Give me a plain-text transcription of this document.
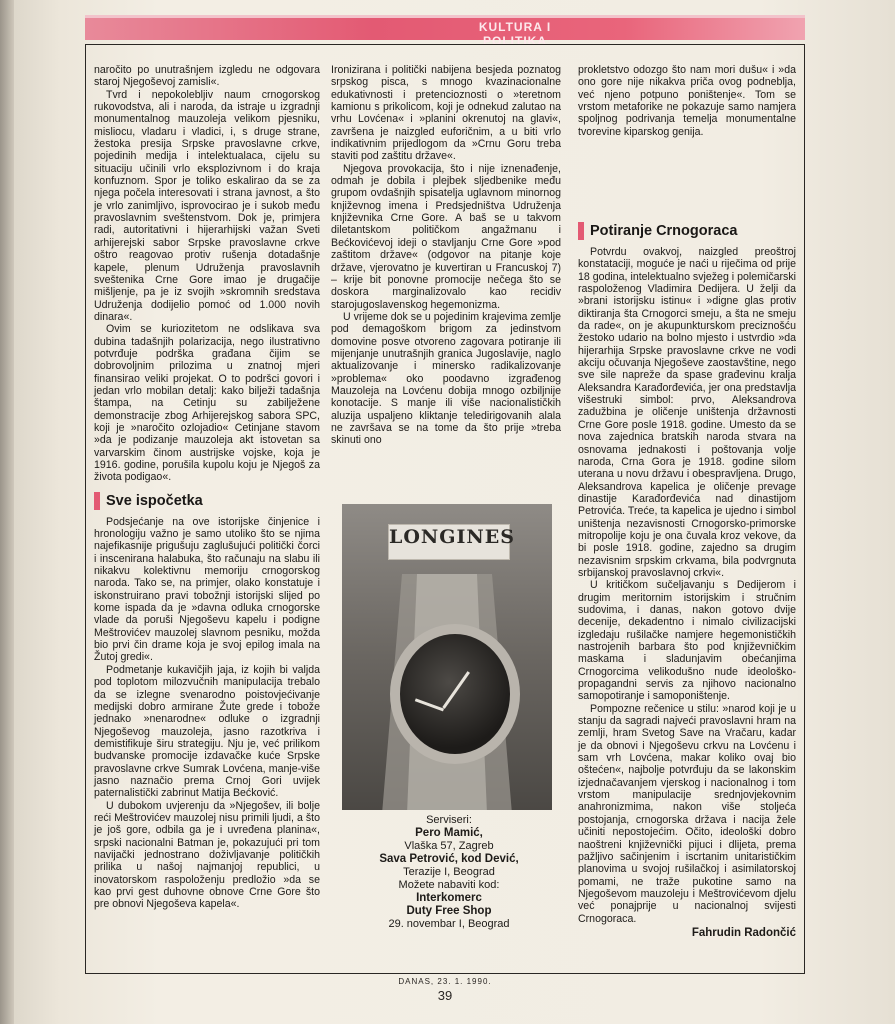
KULTURA I POLITIKA

naročito po unutrašnjem izgledu ne odgovara staroj Njegoševoj zamisli«.

Tvrd i nepokolebljiv naum crnogorskog rukovodstva, ali i naroda, da istraje u izgradnji monumentalnog mauzoleja velikom pjesniku, misliocu, vladaru i vladici, i, s druge strane, žestoka presija Srpske pravoslavne crkve, pojedinih medija i intelektualaca, cijelu su situaciju učinili vrlo eksplozivnom i do kraja konfuznom. Spor je toliko eskalirao da se za njega počela interesovati i strana javnost, a što je vrlo zanimljivo, isprovocirao je i sukob među pravoslavnim sveštenstvom. Dok je, primjera radi, autoritativni i hijerarhijski važan Sveti arhijerejski sabor Srpske pravoslavne crkve oštro reagovao protiv rušenja dotadašnje kapele, plenum Udruženja pravoslavnih sveštenika Crne Gore imao je drugačije mišljenje, pa je iz svojih »skromnih sredstava Udruženja dodijelio pomoć od 1.000 novih dinara«.

Ovim se kuriozitetom ne odslikava sva dubina tadašnjih polarizacija, nego ilustrativno potvrđuje podrška građana čijim se dobrovoljnim prilozima u znatnoj mjeri finansirao veliki projekat. O to podršci govori i jedan vrlo mobilan detalj: kako bilježi tadašnja štampa, na Cetinju su zabilježene demonstracije zbog Arhijerejskog sabora SPC, koji je »naročito ozlojadio« Cetinjane stavom »da je podizanje mauzoleja akt istovetan sa varvarskim činom austrijske vojske, koja je 1916. godine, porušila kupolu koju je Njegoš za života podigao«.

Sve ispočetka

Podsjećanje na ove istorijske činjenice i hronologiju važno je samo utoliko što se njima najefikasnije prigušuju zaglušujući politički čorci i inscenirana halabuka, što računaju na slabu ili nikakvu kolektivnu memoriju crnogorskog naroda. Tako se, na primjer, olako konstatuje i iskonstruirano pravi tobožnji istorijski slijed po kome ispada da je »davna odluka crnogorske vlade da poruši Njegoševu kapelu i podigne Meštrovićev mauzolej slavnom pesniku, možda bio prvi čin drame koja je svoj epilog imala na Žutoj gredi«.

Podmetanje kukavičjih jaja, iz kojih bi valjda pod toplotom milozvučnih manipulacija trebalo da se izlegne svenarodno poistovjećivanje medijski dobro armirane Žute grede i tobože jednako »nenarodne« odluke o izgradnji Njegoševog mauzoleja, jasno razotkriva i demistifikuje širu strategiju. Nju je, već prilikom budvanske promocije izdavačke kuće Srpske pravoslavne crkve Sumrak Lovćena, manje-više jasno naznačio prema Crnoj Gori uvijek paternalistički zabrinut Matija Bećković.

U dubokom uvjerenju da »Njegošev, ili bolje reći Meštrovićev mauzolej nisu primili ljudi, a što je još gore, odbila ga je i uvređena planina«, srpski nacionalni Batman je, pokazujući pri tom navijački jednostrano doživljavanje političkih prilika u našoj najmanjoj republici, u inovatorskom raspoloženju predložio »da se kao prvi gest duhovne obnove Crne Gore što pre obnovi Njegoševa kapela«.

Ironizirana i politički nabijena besjeda poznatog srpskog pisca, s mnogo kvazinacionalne edukativnosti i pretencioznosti o »teretnom kamionu s prikolicom, koji je odnekud zalutao na vrhu Lovćena« i »planini okrenutoj na glavi«, završena je naizgled euforičnim, a u biti vrlo indikativnim prijedlogom da »Crnu Goru treba staviti pod zaštitu države«.

Njegova provokacija, što i nije iznenađenje, odmah je dobila i plejbek sljedbenike među grupom ovdašnjih spisatelja uglavnom minornog književnog imena i Predsjedništva Udruženja književnika Crne Gore. A baš se u takvom diletantskom političkom angažmanu i Bećkovićevoj ideji o stavljanju Crne Gore »pod zaštitom države« (odgovor na pitanje koje države, vjerovatno je kuvertiran u Francuskoj 7) – krije bit ponovne promocije nečega što se doskora marginalizovalo kao recidiv starojugoslavenskog hegemonizma.

U vrijeme dok se u pojedinim krajevima zemlje pod demagoškom brigom za jedinstvom domovine posve otvoreno zagovara potiranje ili mijenjanje unutrašnjih granica Jugoslavije, naglo aktualizovanje i minersko radikalizovanje »problema« oko poodavno izgrađenog Mauzoleja na Lovćenu dobija mnogo ozbiljnije konotacije. S manje ili više nacionalističkih aluzija uspaljeno kliktanje teledirigovanih alala ne završava se na tome da što prije »treba skinuti ono

LONGINES
Serviseri:
Pero Mamić,
Vlaška 57, Zagreb
Sava Petrović, kod Dević,
Terazije I, Beograd
Možete nabaviti kod:
Interkomerc
Duty Free Shop
29. novembar I, Beograd

prokletstvo odozgo što nam mori dušu« i »da ono gore nije nikakva priča ovog podneblja, već njeno potpuno poništenje«. Tom se vrstom metaforike ne pokazuje samo namjera spoljnog podrivanja temelja monumentalne tvorevine kiparskog genija.

Potiranje Crnogoraca

Potvrdu ovakvoj, naizgled preoštroj konstataciji, moguće je naći u riječima od prije 18 godina, intelektualno svježeg i polemičarski raspoloženog Vladimira Dedijera. U želji da »brani istorijsku istinu« i »digne glas protiv diktiranja šta Crnogorci smeju, a šta ne smeju da rade«, on je akupunkturskom preciznošću žestoko udario na bolno mjesto i ustvrdio »da hijerarhija Srpske pravoslavne crkve ne vodi akciju očuvanja Njegoševe zaostavštine, nego sve sile napreže da spase građevinu kralja Aleksandra Karađorđevića, jer ona predstavlja višestruki simbol: prvo, Aleksandrova zadužbina je oličenje uništenja državnosti Crne Gore posle 1918. godine. Umesto da se nova zajednica bratskih naroda stvara na osnovama jednakosti i poštovanja volje naroda, Crna Gora je 1918. godine silom uterana u novu državu i obespravljena. Drugo, Aleksandrova kapelica je oličenje prevage dinastije Karađorđevića nad dinastijom Petrovića. Treće, ta kapelica je ujedno i simbol uništenja nezavisnosti Crnogorsko-primorske mitropolije koju je ona čuvala kroz vekove, da bi posle 1918. godine, zajedno sa drugim nezavisnim srpskim crkvama, bila podvrgnuta srbijanskoj pravoslavnoj crkvi«.

U kritičkom sučeljavanju s Dedijerom i drugim meritornim istorijskim i stručnim sudovima, i danas, nakon gotovo dvije decenije, dekadentno i nimalo civilizacijski izgledaju rušilačke namjere hegemonističkih nastrojenih barbara što pod književničkim maskama i sladunjavim obećanjima Crnogorcima velikodušno nude ideološko-propagandni servis za njihovo nacionalno samopotiranje i samoponištenje.

Pompozne rečenice u stilu: »narod koji je u stanju da sagradi najveći pravoslavni hram na zemlji, hram Svetog Save na Vračaru, kadar je da obnovi i Njegoševu crkvu na Lovćenu i sam vrh Lovćena, makar koliko ovaj bio oštećen«, najbolje potvrđuju da se lakonskim izjednačavanjem vjerskog i nacionalnog i tom vrstom manipulacije srednjovjekovnim anahronizmima, nakon više stoljeća postojanja, crnogorska država i nacija žele učiniti nepostojećim. Očito, ideološki dobro naoštreni književnički pijuci i dlijeta, prema pažljivo sačinjenim i iscrtanim unitarističkim planovima u svojoj rušilačkoj i asimilatorskoj pomami, ne traže pukotine samo na Njegoševom mauzoleju i Meštrovićevom djelu već ponajprije u nacionalnoj svijesti Crnogoraca.

Fahrudin Radončić
DANAS, 23. 1. 1990.
39
